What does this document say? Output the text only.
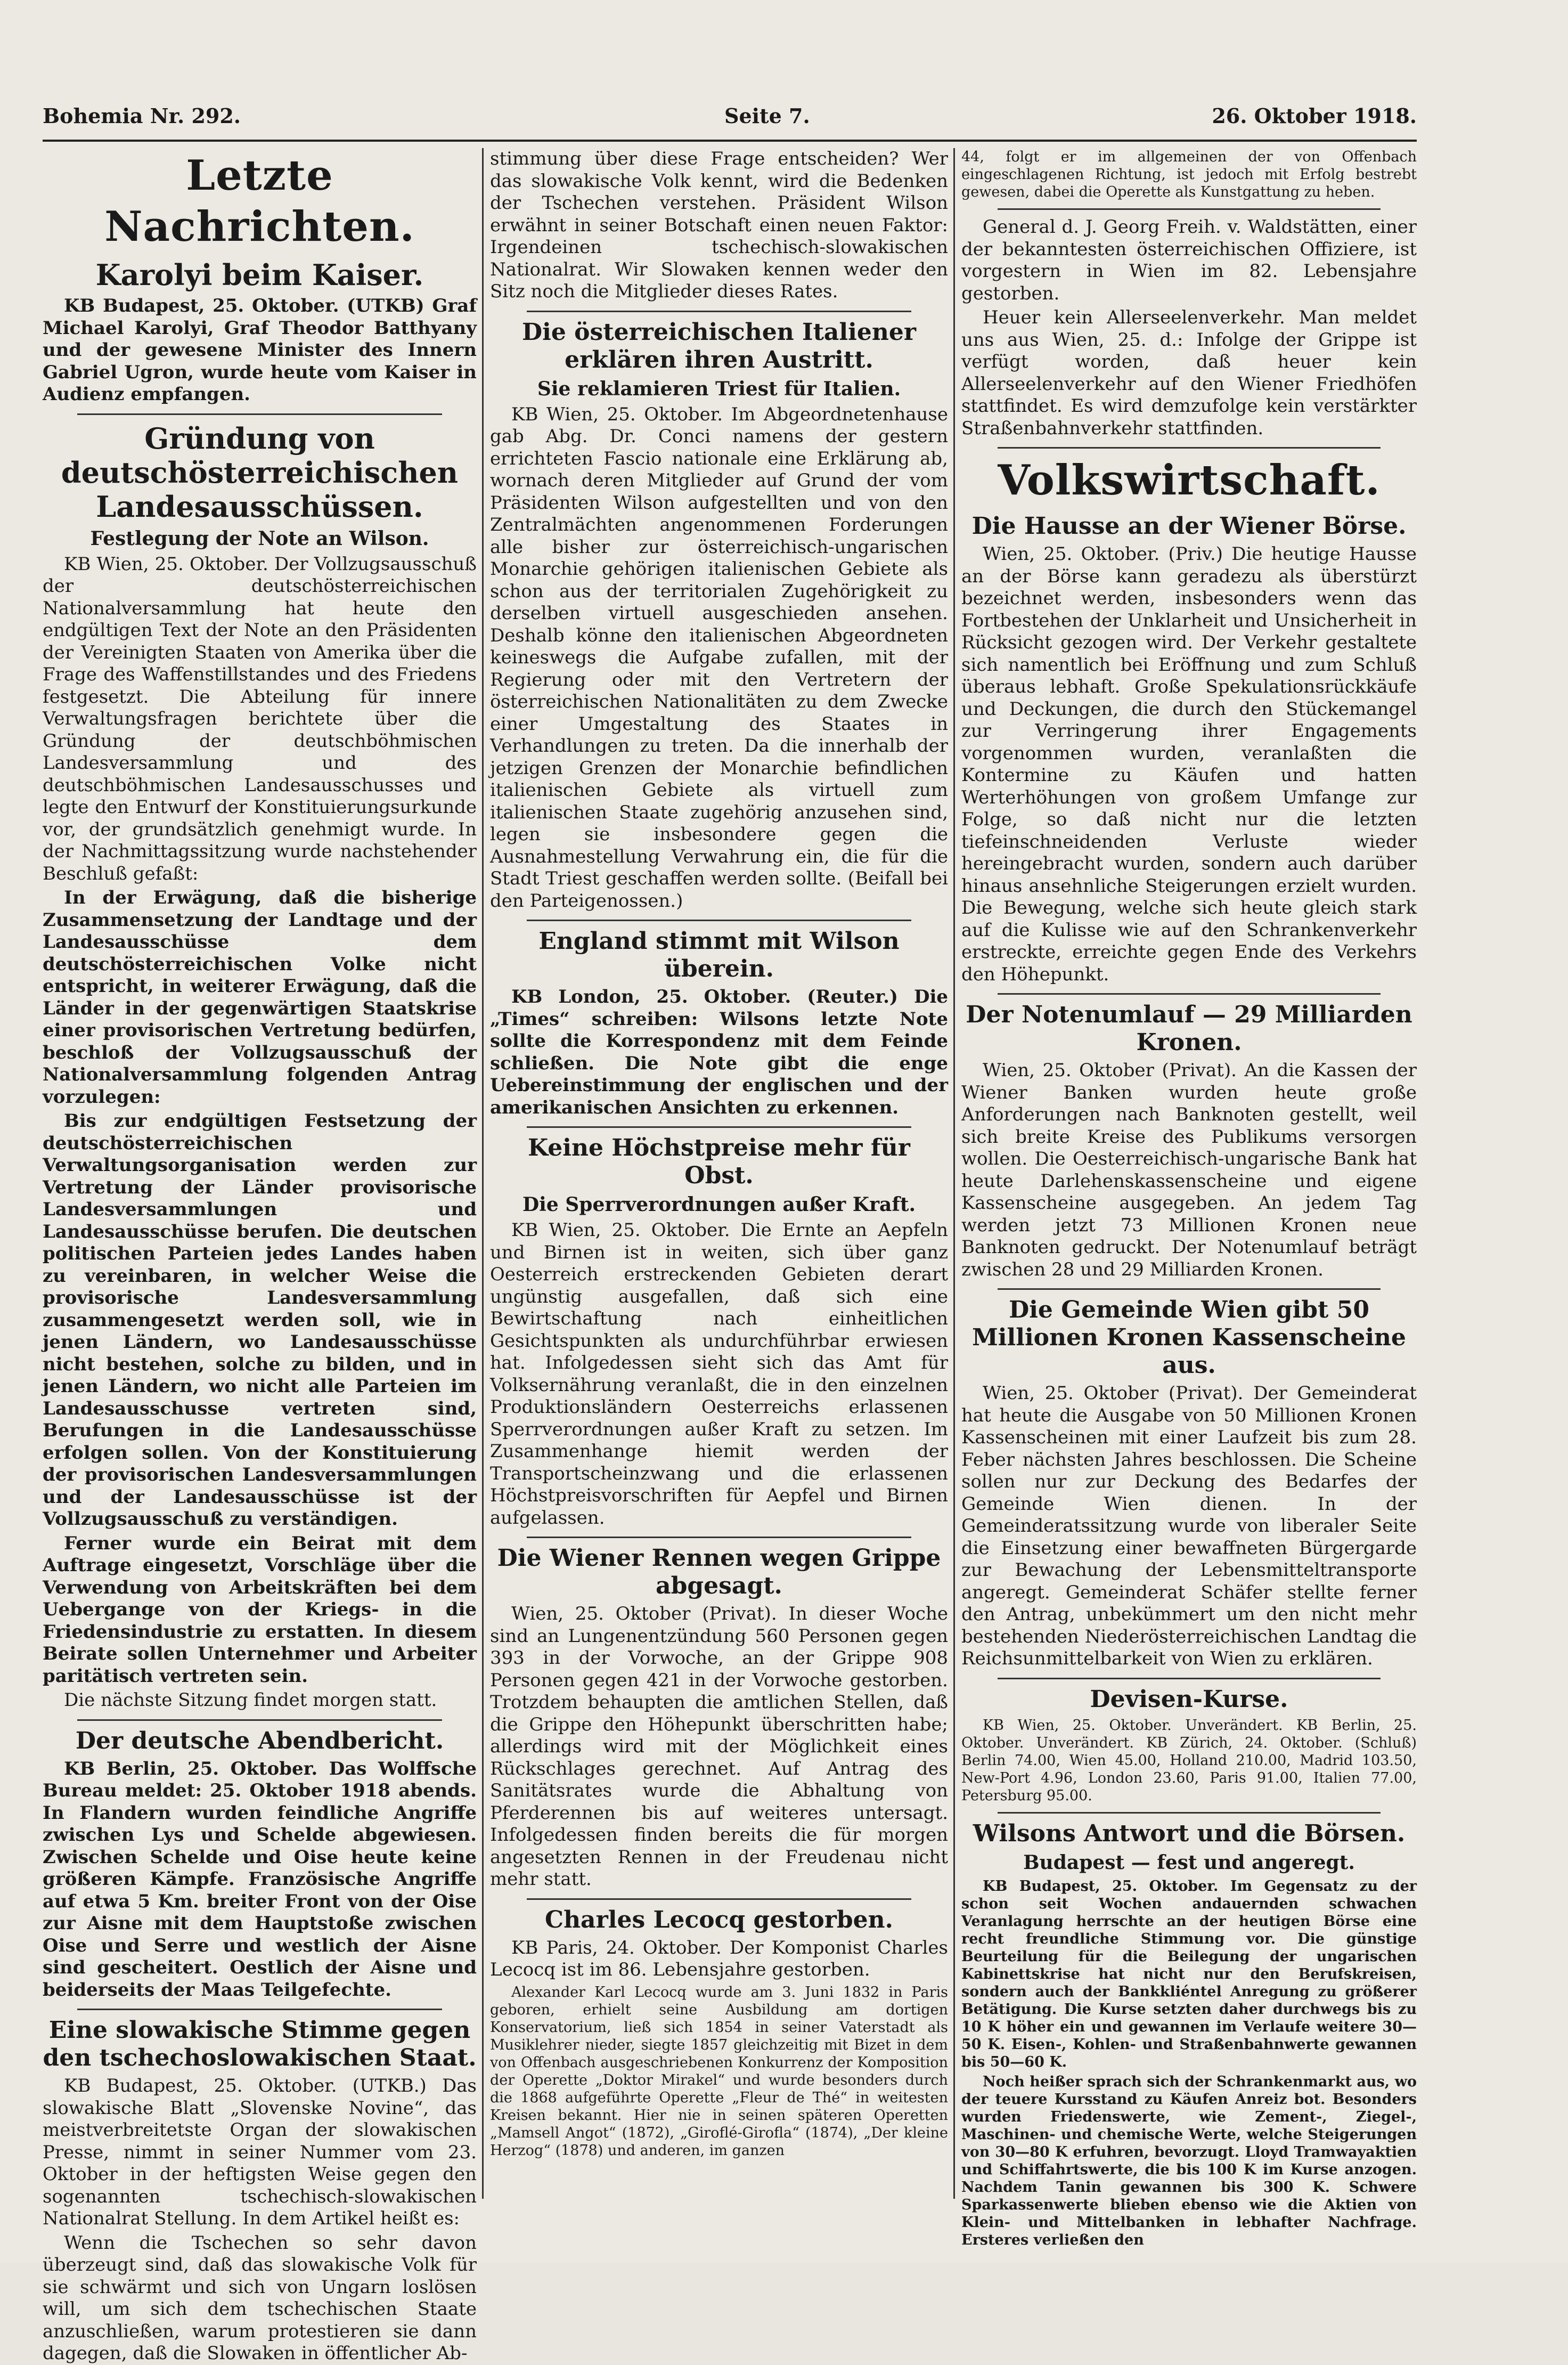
Bohemia Nr. 292.	Seite 7.	26. Oktober 1918.
Letzte Nachrichten.
Karolyi beim Kaiser.

KB Budapest, 25. Oktober. (UTKB) Graf Michael Karolyi, Graf Theodor Batthyany und der gewesene Minister des Innern Gabriel Ugron, wurde heute vom Kaiser in Audienz empfangen.

Gründung von deutschösterreichischen Landesausschüssen.
Festlegung der Note an Wilson.

KB Wien, 25. Oktober. Der Vollzugsausschuß der deutschösterreichischen Nationalversammlung hat heute den endgültigen Text der Note an den Präsidenten der Vereinigten Staaten von Amerika über die Frage des Waffenstillstandes und des Friedens festgesetzt. Die Abteilung für innere Verwaltungsfragen berichtete über die Gründung der deutschböhmischen Landesversammlung und des deutschböhmischen Landesausschusses und legte den Entwurf der Konstituierungsurkunde vor, der grundsätzlich genehmigt wurde. In der Nachmittagssitzung wurde nachstehender Beschluß gefaßt:

In der Erwägung, daß die bisherige Zusammensetzung der Landtage und der Landesausschüsse dem deutschösterreichischen Volke nicht entspricht, in weiterer Erwägung, daß die Länder in der gegenwärtigen Staatskrise einer provisorischen Vertretung bedürfen, beschloß der Vollzugsausschuß der Nationalversammlung folgenden Antrag vorzulegen:

Bis zur endgültigen Festsetzung der deutschösterreichischen Verwaltungsorganisation werden zur Vertretung der Länder provisorische Landesversammlungen und Landesausschüsse berufen. Die deutschen politischen Parteien jedes Landes haben zu vereinbaren, in welcher Weise die provisorische Landesversammlung zusammengesetzt werden soll, wie in jenen Ländern, wo Landesausschüsse nicht bestehen, solche zu bilden, und in jenen Ländern, wo nicht alle Parteien im Landesausschusse vertreten sind, Berufungen in die Landesausschüsse erfolgen sollen. Von der Konstituierung der provisorischen Landesversammlungen und der Landesausschüsse ist der Vollzugsausschuß zu verständigen.

Ferner wurde ein Beirat mit dem Auftrage eingesetzt, Vorschläge über die Verwendung von Arbeitskräften bei dem Uebergange von der Kriegs- in die Friedensindustrie zu erstatten. In diesem Beirate sollen Unternehmer und Arbeiter paritätisch vertreten sein.

Die nächste Sitzung findet morgen statt.

Der deutsche Abendbericht.

KB Berlin, 25. Oktober. Das Wolffsche Bureau meldet: 25. Oktober 1918 abends. In Flandern wurden feindliche Angriffe zwischen Lys und Schelde abgewiesen. Zwischen Schelde und Oise heute keine größeren Kämpfe. Französische Angriffe auf etwa 5 Km. breiter Front von der Oise zur Aisne mit dem Hauptstoße zwischen Oise und Serre und westlich der Aisne sind gescheitert. Oestlich der Aisne und beiderseits der Maas Teilgefechte.

Eine slowakische Stimme gegen den tschechoslowakischen Staat.

KB Budapest, 25. Oktober. (UTKB.) Das slowakische Blatt „Slovenske Novine“, das meistverbreitetste Organ der slowakischen Presse, nimmt in seiner Nummer vom 23. Oktober in der heftigsten Weise gegen den sogenannten tschechisch-slowakischen Nationalrat Stellung. In dem Artikel heißt es:

Wenn die Tschechen so sehr davon überzeugt sind, daß das slowakische Volk für sie schwärmt und sich von Ungarn loslösen will, um sich dem tschechischen Staate anzuschließen, warum protestieren sie dann dagegen, daß die Slowaken in öffentlicher Ab-

stimmung über diese Frage entscheiden? Wer das slowakische Volk kennt, wird die Bedenken der Tschechen verstehen. Präsident Wilson erwähnt in seiner Botschaft einen neuen Faktor: Irgendeinen tschechisch-slowakischen Nationalrat. Wir Slowaken kennen weder den Sitz noch die Mitglieder dieses Rates.

Die österreichischen Italiener erklären ihren Austritt.
Sie reklamieren Triest für Italien.

KB Wien, 25. Oktober. Im Abgeordnetenhause gab Abg. Dr. Conci namens der gestern errichteten Fascio nationale eine Erklärung ab, wornach deren Mitglieder auf Grund der vom Präsidenten Wilson aufgestellten und von den Zentralmächten angenommenen Forderungen alle bisher zur österreichisch-ungarischen Monarchie gehörigen italienischen Gebiete als schon aus der territorialen Zugehörigkeit zu derselben virtuell ausgeschieden ansehen. Deshalb könne den italienischen Abgeordneten keineswegs die Aufgabe zufallen, mit der Regierung oder mit den Vertretern der österreichischen Nationalitäten zu dem Zwecke einer Umgestaltung des Staates in Verhandlungen zu treten. Da die innerhalb der jetzigen Grenzen der Monarchie befindlichen italienischen Gebiete als virtuell zum italienischen Staate zugehörig anzusehen sind, legen sie insbesondere gegen die Ausnahmestellung Verwahrung ein, die für die Stadt Triest geschaffen werden sollte. (Beifall bei den Parteigenossen.)

England stimmt mit Wilson überein.

KB London, 25. Oktober. (Reuter.) Die „Times“ schreiben: Wilsons letzte Note sollte die Korrespondenz mit dem Feinde schließen. Die Note gibt die enge Uebereinstimmung der englischen und der amerikanischen Ansichten zu erkennen.

Keine Höchstpreise mehr für Obst.
Die Sperrverordnungen außer Kraft.

KB Wien, 25. Oktober. Die Ernte an Aepfeln und Birnen ist in weiten, sich über ganz Oesterreich erstreckenden Gebieten derart ungünstig ausgefallen, daß sich eine Bewirtschaftung nach einheitlichen Gesichtspunkten als undurchführbar erwiesen hat. Infolgedessen sieht sich das Amt für Volksernährung veranlaßt, die in den einzelnen Produktionsländern Oesterreichs erlassenen Sperrverordnungen außer Kraft zu setzen. Im Zusammenhange hiemit werden der Transportscheinzwang und die erlassenen Höchstpreisvorschriften für Aepfel und Birnen aufgelassen.

Die Wiener Rennen wegen Grippe abgesagt.

Wien, 25. Oktober (Privat). In dieser Woche sind an Lungenentzündung 560 Personen gegen 393 in der Vorwoche, an der Grippe 908 Personen gegen 421 in der Vorwoche gestorben. Trotzdem behaupten die amtlichen Stellen, daß die Grippe den Höhepunkt überschritten habe; allerdings wird mit der Möglichkeit eines Rückschlages gerechnet. Auf Antrag des Sanitätsrates wurde die Abhaltung von Pferderennen bis auf weiteres untersagt. Infolgedessen finden bereits die für morgen angesetzten Rennen in der Freudenau nicht mehr statt.

Charles Lecocq gestorben.

KB Paris, 24. Oktober. Der Komponist Charles Lecocq ist im 86. Lebensjahre gestorben.

Alexander Karl Lecocq wurde am 3. Juni 1832 in Paris geboren, erhielt seine Ausbildung am dortigen Konservatorium, ließ sich 1854 in seiner Vaterstadt als Musiklehrer nieder, siegte 1857 gleichzeitig mit Bizet in dem von Offenbach ausgeschriebenen Konkurrenz der Komposition der Operette „Doktor Mirakel“ und wurde besonders durch die 1868 aufgeführte Operette „Fleur de Thé“ in weitesten Kreisen bekannt. Hier nie in seinen späteren Operetten „Mamsell Angot“ (1872), „Giroflé-Girofla“ (1874), „Der kleine Herzog“ (1878) und anderen, im ganzen

44, folgt er im allgemeinen der von Offenbach eingeschlagenen Richtung, ist jedoch mit Erfolg bestrebt gewesen, dabei die Operette als Kunstgattung zu heben.

General d. J. Georg Freih. v. Waldstätten, einer der bekanntesten österreichischen Offiziere, ist vorgestern in Wien im 82. Lebensjahre gestorben.

Heuer kein Allerseelenverkehr. Man meldet uns aus Wien, 25. d.: Infolge der Grippe ist verfügt worden, daß heuer kein Allerseelenverkehr auf den Wiener Friedhöfen stattfindet. Es wird demzufolge kein verstärkter Straßenbahnverkehr stattfinden.

Volkswirtschaft.
Die Hausse an der Wiener Börse.

Wien, 25. Oktober. (Priv.) Die heutige Hausse an der Börse kann geradezu als überstürzt bezeichnet werden, insbesonders wenn das Fortbestehen der Unklarheit und Unsicherheit in Rücksicht gezogen wird. Der Verkehr gestaltete sich namentlich bei Eröffnung und zum Schluß überaus lebhaft. Große Spekulationsrückkäufe und Deckungen, die durch den Stückemangel zur Verringerung ihrer Engagements vorgenommen wurden, veranlaßten die Kontermine zu Käufen und hatten Werterhöhungen von großem Umfange zur Folge, so daß nicht nur die letzten tiefeinschneidenden Verluste wieder hereingebracht wurden, sondern auch darüber hinaus ansehnliche Steigerungen erzielt wurden. Die Bewegung, welche sich heute gleich stark auf die Kulisse wie auf den Schrankenverkehr erstreckte, erreichte gegen Ende des Verkehrs den Höhepunkt.

Der Notenumlauf — 29 Milliarden Kronen.

Wien, 25. Oktober (Privat). An die Kassen der Wiener Banken wurden heute große Anforderungen nach Banknoten gestellt, weil sich breite Kreise des Publikums versorgen wollen. Die Oesterreichisch-ungarische Bank hat heute Darlehenskassenscheine und eigene Kassenscheine ausgegeben. An jedem Tag werden jetzt 73 Millionen Kronen neue Banknoten gedruckt. Der Notenumlauf beträgt zwischen 28 und 29 Milliarden Kronen.

Die Gemeinde Wien gibt 50 Millionen Kronen Kassenscheine aus.

Wien, 25. Oktober (Privat). Der Gemeinderat hat heute die Ausgabe von 50 Millionen Kronen Kassenscheinen mit einer Laufzeit bis zum 28. Feber nächsten Jahres beschlossen. Die Scheine sollen nur zur Deckung des Bedarfes der Gemeinde Wien dienen. In der Gemeinderatssitzung wurde von liberaler Seite die Einsetzung einer bewaffneten Bürgergarde zur Bewachung der Lebensmitteltransporte angeregt. Gemeinderat Schäfer stellte ferner den Antrag, unbekümmert um den nicht mehr bestehenden Niederösterreichischen Landtag die Reichsunmittelbarkeit von Wien zu erklären.

Devisen-Kurse.

KB Wien, 25. Oktober. Unverändert. KB Berlin, 25. Oktober. Unverändert. KB Zürich, 24. Oktober. (Schluß) Berlin 74.00, Wien 45.00, Holland 210.00, Madrid 103.50, New-Port 4.96, London 23.60, Paris 91.00, Italien 77.00, Petersburg 95.00.

Wilsons Antwort und die Börsen.
Budapest — fest und angeregt.

KB Budapest, 25. Oktober. Im Gegensatz zu der schon seit Wochen andauernden schwachen Veranlagung herrschte an der heutigen Börse eine recht freundliche Stimmung vor. Die günstige Beurteilung für die Beilegung der ungarischen Kabinettskrise hat nicht nur den Berufskreisen, sondern auch der Bankkliéntel Anregung zu größerer Betätigung. Die Kurse setzten daher durchwegs bis zu 10 K höher ein und gewannen im Verlaufe weitere 30—50 K. Eisen-, Kohlen- und Straßenbahnwerte gewannen bis 50—60 K.

Noch heißer sprach sich der Schrankenmarkt aus, wo der teuere Kursstand zu Käufen Anreiz bot. Besonders wurden Friedenswerte, wie Zement-, Ziegel-, Maschinen- und chemische Werte, welche Steigerungen von 30—80 K erfuhren, bevorzugt. Lloyd Tramwayaktien und Schiffahrtswerte, die bis 100 K im Kurse anzogen. Nachdem Tanin gewannen bis 300 K. Schwere Sparkassenwerte blieben ebenso wie die Aktien von Klein- und Mittelbanken in lebhafter Nachfrage. Ersteres verließen den
